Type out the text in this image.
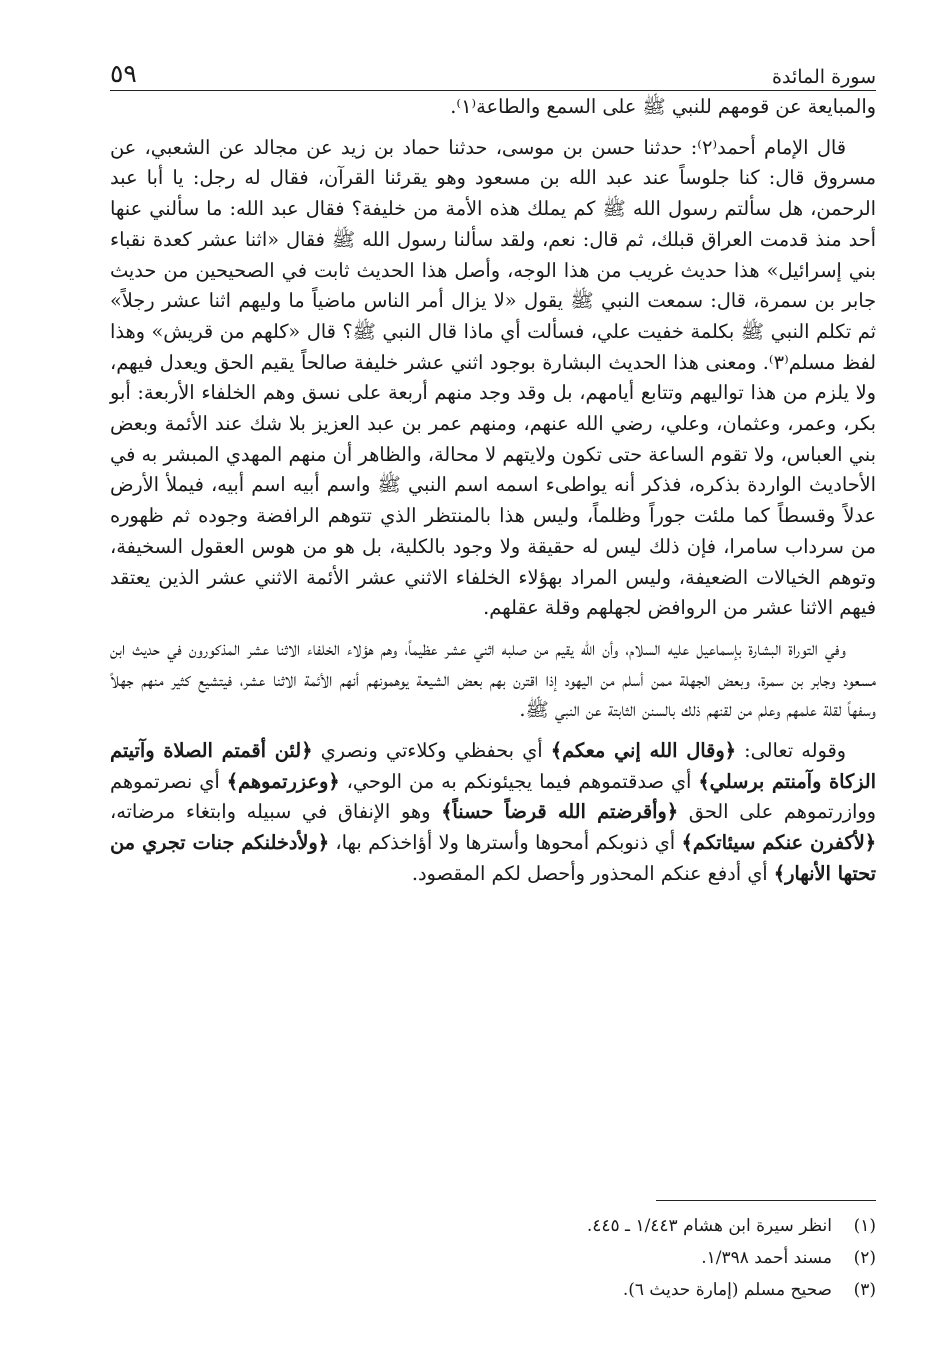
سورة المائدة
٥٩

والمبايعة عن قومهم للنبي ﷺ على السمع والطاعة⁽١⁾.

قال الإمام أحمد⁽٢⁾: حدثنا حسن بن موسى، حدثنا حماد بن زيد عن مجالد عن الشعبي، عن مسروق قال: كنا جلوساً عند عبد الله بن مسعود وهو يقرئنا القرآن، فقال له رجل: يا أبا عبد الرحمن، هل سألتم رسول الله ﷺ كم يملك هذه الأمة من خليفة؟ فقال عبد الله: ما سألني عنها أحد منذ قدمت العراق قبلك، ثم قال: نعم، ولقد سألنا رسول الله ﷺ فقال «اثنا عشر كعدة نقباء بني إسرائيل» هذا حديث غريب من هذا الوجه، وأصل هذا الحديث ثابت في الصحيحين من حديث جابر بن سمرة، قال: سمعت النبي ﷺ يقول «لا يزال أمر الناس ماضياً ما وليهم اثنا عشر رجلاً» ثم تكلم النبي ﷺ بكلمة خفيت علي، فسألت أي ماذا قال النبي ﷺ؟ قال «كلهم من قريش» وهذا لفظ مسلم⁽٣⁾. ومعنى هذا الحديث البشارة بوجود اثني عشر خليفة صالحاً يقيم الحق ويعدل فيهم، ولا يلزم من هذا تواليهم وتتابع أيامهم، بل وقد وجد منهم أربعة على نسق وهم الخلفاء الأربعة: أبو بكر، وعمر، وعثمان، وعلي، رضي الله عنهم، ومنهم عمر بن عبد العزيز بلا شك عند الأئمة وبعض بني العباس، ولا تقوم الساعة حتى تكون ولايتهم لا محالة، والظاهر أن منهم المهدي المبشر به في الأحاديث الواردة بذكره، فذكر أنه يواطىء اسمه اسم النبي ﷺ واسم أبيه اسم أبيه، فيملأ الأرض عدلاً وقسطاً كما ملئت جوراً وظلماً، وليس هذا بالمنتظر الذي تتوهم الرافضة وجوده ثم ظهوره من سرداب سامرا، فإن ذلك ليس له حقيقة ولا وجود بالكلية، بل هو من هوس العقول السخيفة، وتوهم الخيالات الضعيفة، وليس المراد بهؤلاء الخلفاء الاثني عشر الأئمة الاثني عشر الذين يعتقد فيهم الاثنا عشر من الروافض لجهلهم وقلة عقلهم.

وفي التوراة البشارة بإسماعيل عليه السلام، وأن الله يقيم من صلبه اثني عشر عظيماً، وهم هؤلاء الخلفاء الاثنا عشر المذكورون في حديث ابن مسعود وجابر بن سمرة، وبعض الجهلة ممن أسلم من اليهود إذا اقترن بهم بعض الشيعة يوهمونهم أنهم الأئمة الاثنا عشر، فيتشيع كثير منهم جهلاً وسفهاً لقلة علمهم وعلم من لقنهم ذلك بالسنن الثابتة عن النبي ﷺ.

وقوله تعالى: ﴿وقال الله إني معكم﴾ أي بحفظي وكلاءتي ونصري ﴿لئن أقمتم الصلاة وآتيتم الزكاة وآمنتم برسلي﴾ أي صدقتموهم فيما يجيئونكم به من الوحي، ﴿وعزرتموهم﴾ أي نصرتموهم ووازرتموهم على الحق ﴿وأقرضتم الله قرضاً حسناً﴾ وهو الإنفاق في سبيله وابتغاء مرضاته، ﴿لأكفرن عنكم سيئاتكم﴾ أي ذنوبكم أمحوها وأسترها ولا أؤاخذكم بها، ﴿ولأدخلنكم جنات تجري من تحتها الأنهار﴾ أي أدفع عنكم المحذور وأحصل لكم المقصود.

(١)
انظر سيرة ابن هشام ١/٤٤٣ ـ ٤٤٥.
(٢)
مسند أحمد ١/٣٩٨.
(٣)
صحيح مسلم (إمارة حديث ٦).
